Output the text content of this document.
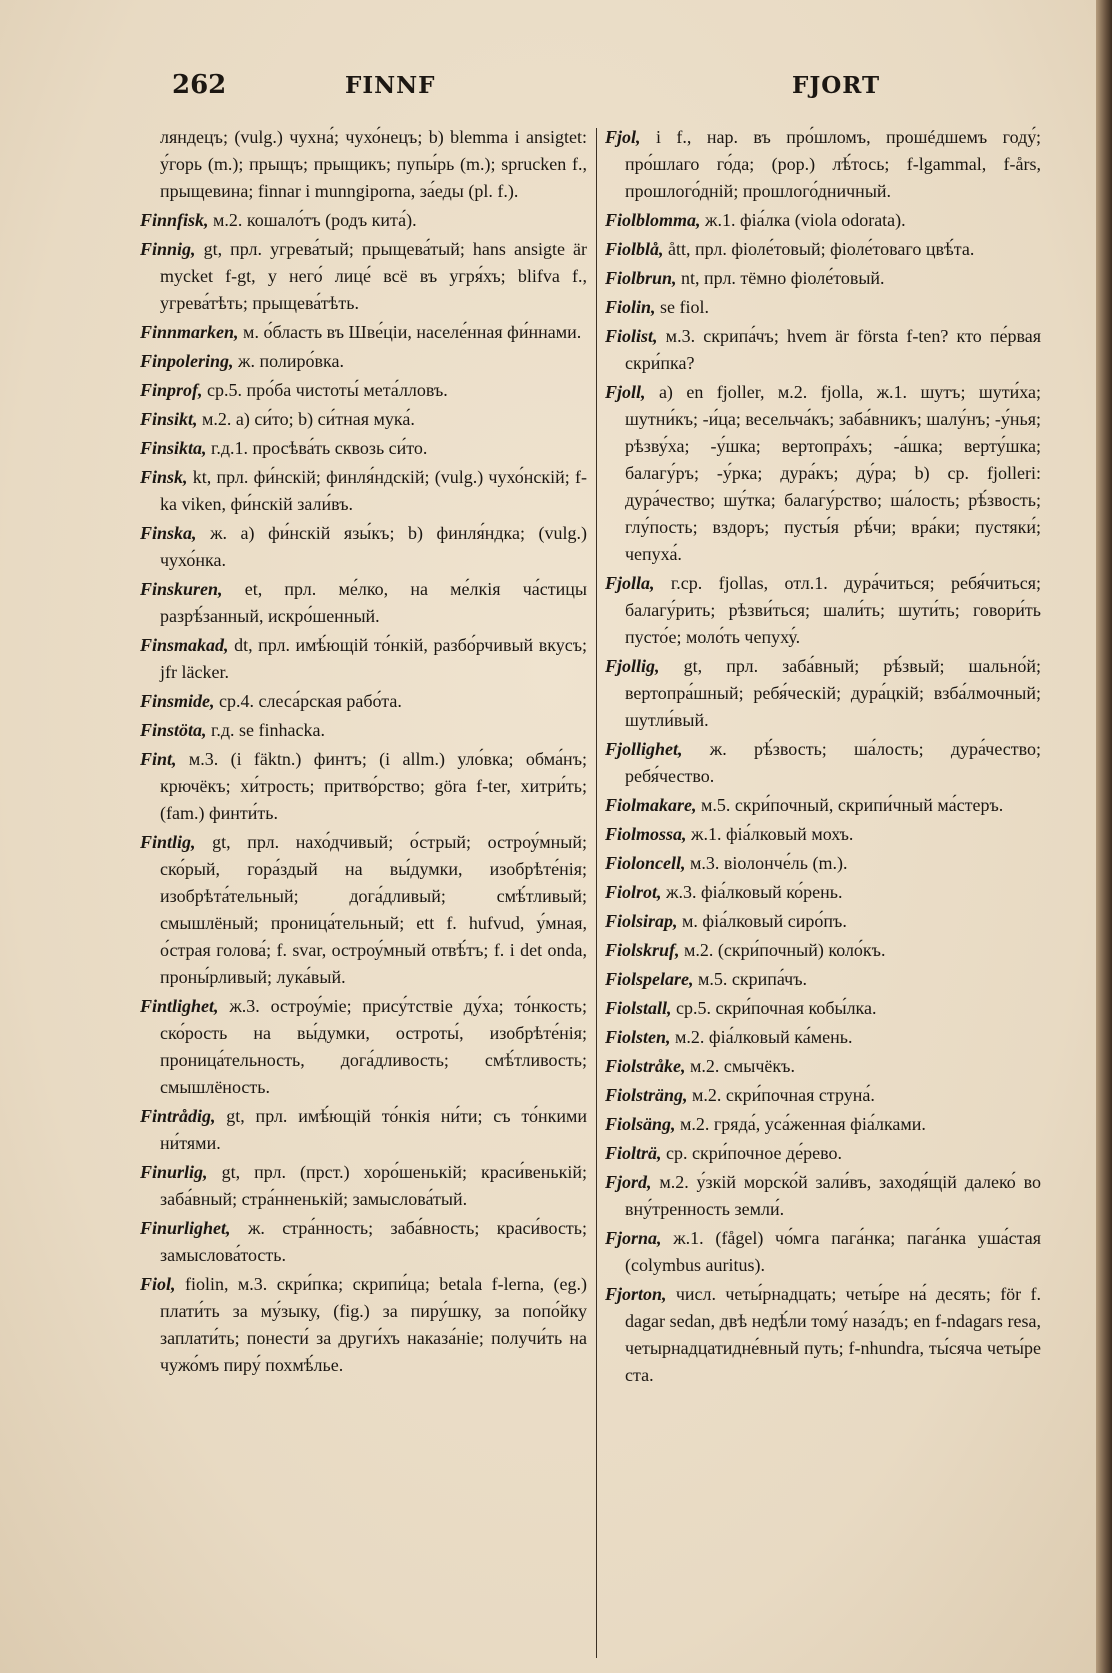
262	FINNF	FJORT

ляндецъ; (vulg.) чухна́; чухо́нецъ; b) blemma i ansigtet: у́горь (m.); прыщъ; прыщикъ; пупы́рь (m.); sprucken f., прыщевина; finnar i munngiporna, за́еды (pl. f.).

Finnfisk, м.2. кошало́тъ (родъ кита́).

Finnig, gt, прл. угрева́тый; прыщева́тый; hans ansigte är mycket f-gt, у него́ лице́ всё въ угря́хъ; blifva f., угрева́тѣть; прыщева́тѣть.

Finnmarken, м. о́бласть въ Шве́ціи, населе́нная фи́ннами.

Finpolering, ж. полиро́вка.

Finprof, ср.5. про́ба чистоты́ мета́лловъ.

Finsikt, м.2. a) си́то; b) си́тная мука́.

Finsikta, г.д.1. просѣва́ть сквозь си́то.

Finsk, kt, прл. фи́нскій; финля́ндскій; (vulg.) чухо́нскій; f-ka viken, фи́нскій зали́въ.

Finska, ж. a) фи́нскій язы́къ; b) финля́ндка; (vulg.) чухо́нка.

Finskuren, et, прл. ме́лко, на ме́лкія ча́стицы разрѣ́занный, искро́шенный.

Finsmakad, dt, прл. имѣ́ющій то́нкій, разбо́рчивый вкусъ; jfr läcker.

Finsmide, ср.4. слеса́рская рабо́та.

Finstöta, г.д. se finhacka.

Fint, м.3. (i fäktn.) финтъ; (i allm.) уло́вка; обма́нъ; крючёкъ; хи́трость; притво́рство; göra f-ter, хитри́ть; (fam.) финти́ть.

Fintlig, gt, прл. нахо́дчивый; о́стрый; остроу́мный; ско́рый, гора́здый на вы́думки, изобрѣте́нія; изобрѣта́тельный; дога́дливый; смѣ́тливый; смышлёный; проница́тельный; ett f. hufvud, у́мная, о́страя голова́; f. svar, остроу́мный отвѣ́тъ; f. i det onda, проны́рливый; лука́вый.

Fintlighet, ж.3. остроу́міе; прису́тствіе ду́ха; то́нкость; ско́рость на вы́думки, остроты́, изобрѣте́нія; проница́тельность, дога́дливость; смѣ́тливость; смышлёность.

Fintrådig, gt, прл. имѣ́ющій то́нкія ни́ти; съ то́нкими ни́тями.

Finurlig, gt, прл. (прст.) хоро́шенькій; краси́венькій; заба́вный; стра́нненькій; замыслова́тый.

Finurlighet, ж. стра́нность; заба́вность; краси́вость; замыслова́тость.

Fiol, fiolin, м.3. скри́пка; скрипи́ца; betala f-lerna, (eg.) плати́ть за му́зыку, (fig.) за пиру́шку, за попо́йку заплати́ть; понести́ за други́хъ наказа́ніе; получи́ть на чужо́мъ пиру́ похмѣ́лье.

Fjol, i f., нар. въ про́шломъ, прошéдшемъ году́; про́шлаго го́да; (pop.) лѣ́тось; f-lgammal, f-års, прошлого́дній; прошлого́дничный.

Fiolblomma, ж.1. фіа́лка (viola odorata).

Fiolblå, ått, прл. фіоле́товый; фіоле́товаго цвѣ́та.

Fiolbrun, nt, прл. тёмно фіоле́товый.

Fiolin, se fiol.

Fiolist, м.3. скрипа́чъ; hvem är första f-ten? кто пе́рвая скри́пка?

Fjoll, a) en fjoller, м.2. fjolla, ж.1. шутъ; шути́ха; шутни́къ; -и́ца; весельча́къ; заба́вникъ; шалу́нъ; -у́нья; рѣзву́ха; -у́шка; вертопра́хъ; -а́шка; верту́шка; балагу́ръ; -у́рка; дура́къ; ду́ра; b) ср. fjolleri: дура́чество; шу́тка; балагу́рство; ша́лость; рѣ́звость; глу́пость; вздоръ; пусты́я рѣ́чи; вра́ки; пустяки́; чепуха́.

Fjolla, г.ср. fjollas, отл.1. дура́читься; ребя́читься; балагу́рить; рѣзви́ться; шали́ть; шути́ть; говори́ть пусто́е; моло́ть чепуху́.

Fjollig, gt, прл. заба́вный; рѣ́звый; шально́й; вертопра́шный; ребя́ческій; дура́цкій; взба́лмочный; шутли́вый.

Fjollighet, ж. рѣ́звость; ша́лость; дура́чество; ребя́чество.

Fiolmakare, м.5. скри́почный, скрипи́чный ма́стеръ.

Fiolmossa, ж.1. фіа́лковый мохъ.

Fioloncell, м.3. віолонче́ль (m.).

Fiolrot, ж.3. фіа́лковый ко́рень.

Fiolsirap, м. фіа́лковый сиро́пъ.

Fiolskruf, м.2. (скри́почный) коло́къ.

Fiolspelare, м.5. скрипа́чъ.

Fiolstall, ср.5. скри́почная кобы́лка.

Fiolsten, м.2. фіа́лковый ка́мень.

Fiolstråke, м.2. смычёкъ.

Fiolsträng, м.2. скри́почная струна́.

Fiolsäng, м.2. гряда́, уса́женная фіа́лками.

Fiolträ, ср. скри́почное де́рево.

Fjord, м.2. у́зкій морско́й зали́въ, заходя́щій далеко́ во вну́тренность земли́.

Fjorna, ж.1. (fågel) чо́мга пага́нка; пага́нка уша́стая (colymbus auritus).

Fjorton, числ. четы́рнадцать; четы́ре на́ десять; för f. dagar sedan, двѣ недѣ́ли тому́ наза́дъ; en f-ndagars resa, четырнадцатидне́вный путь; f-nhundra, ты́сяча четы́ре ста.
